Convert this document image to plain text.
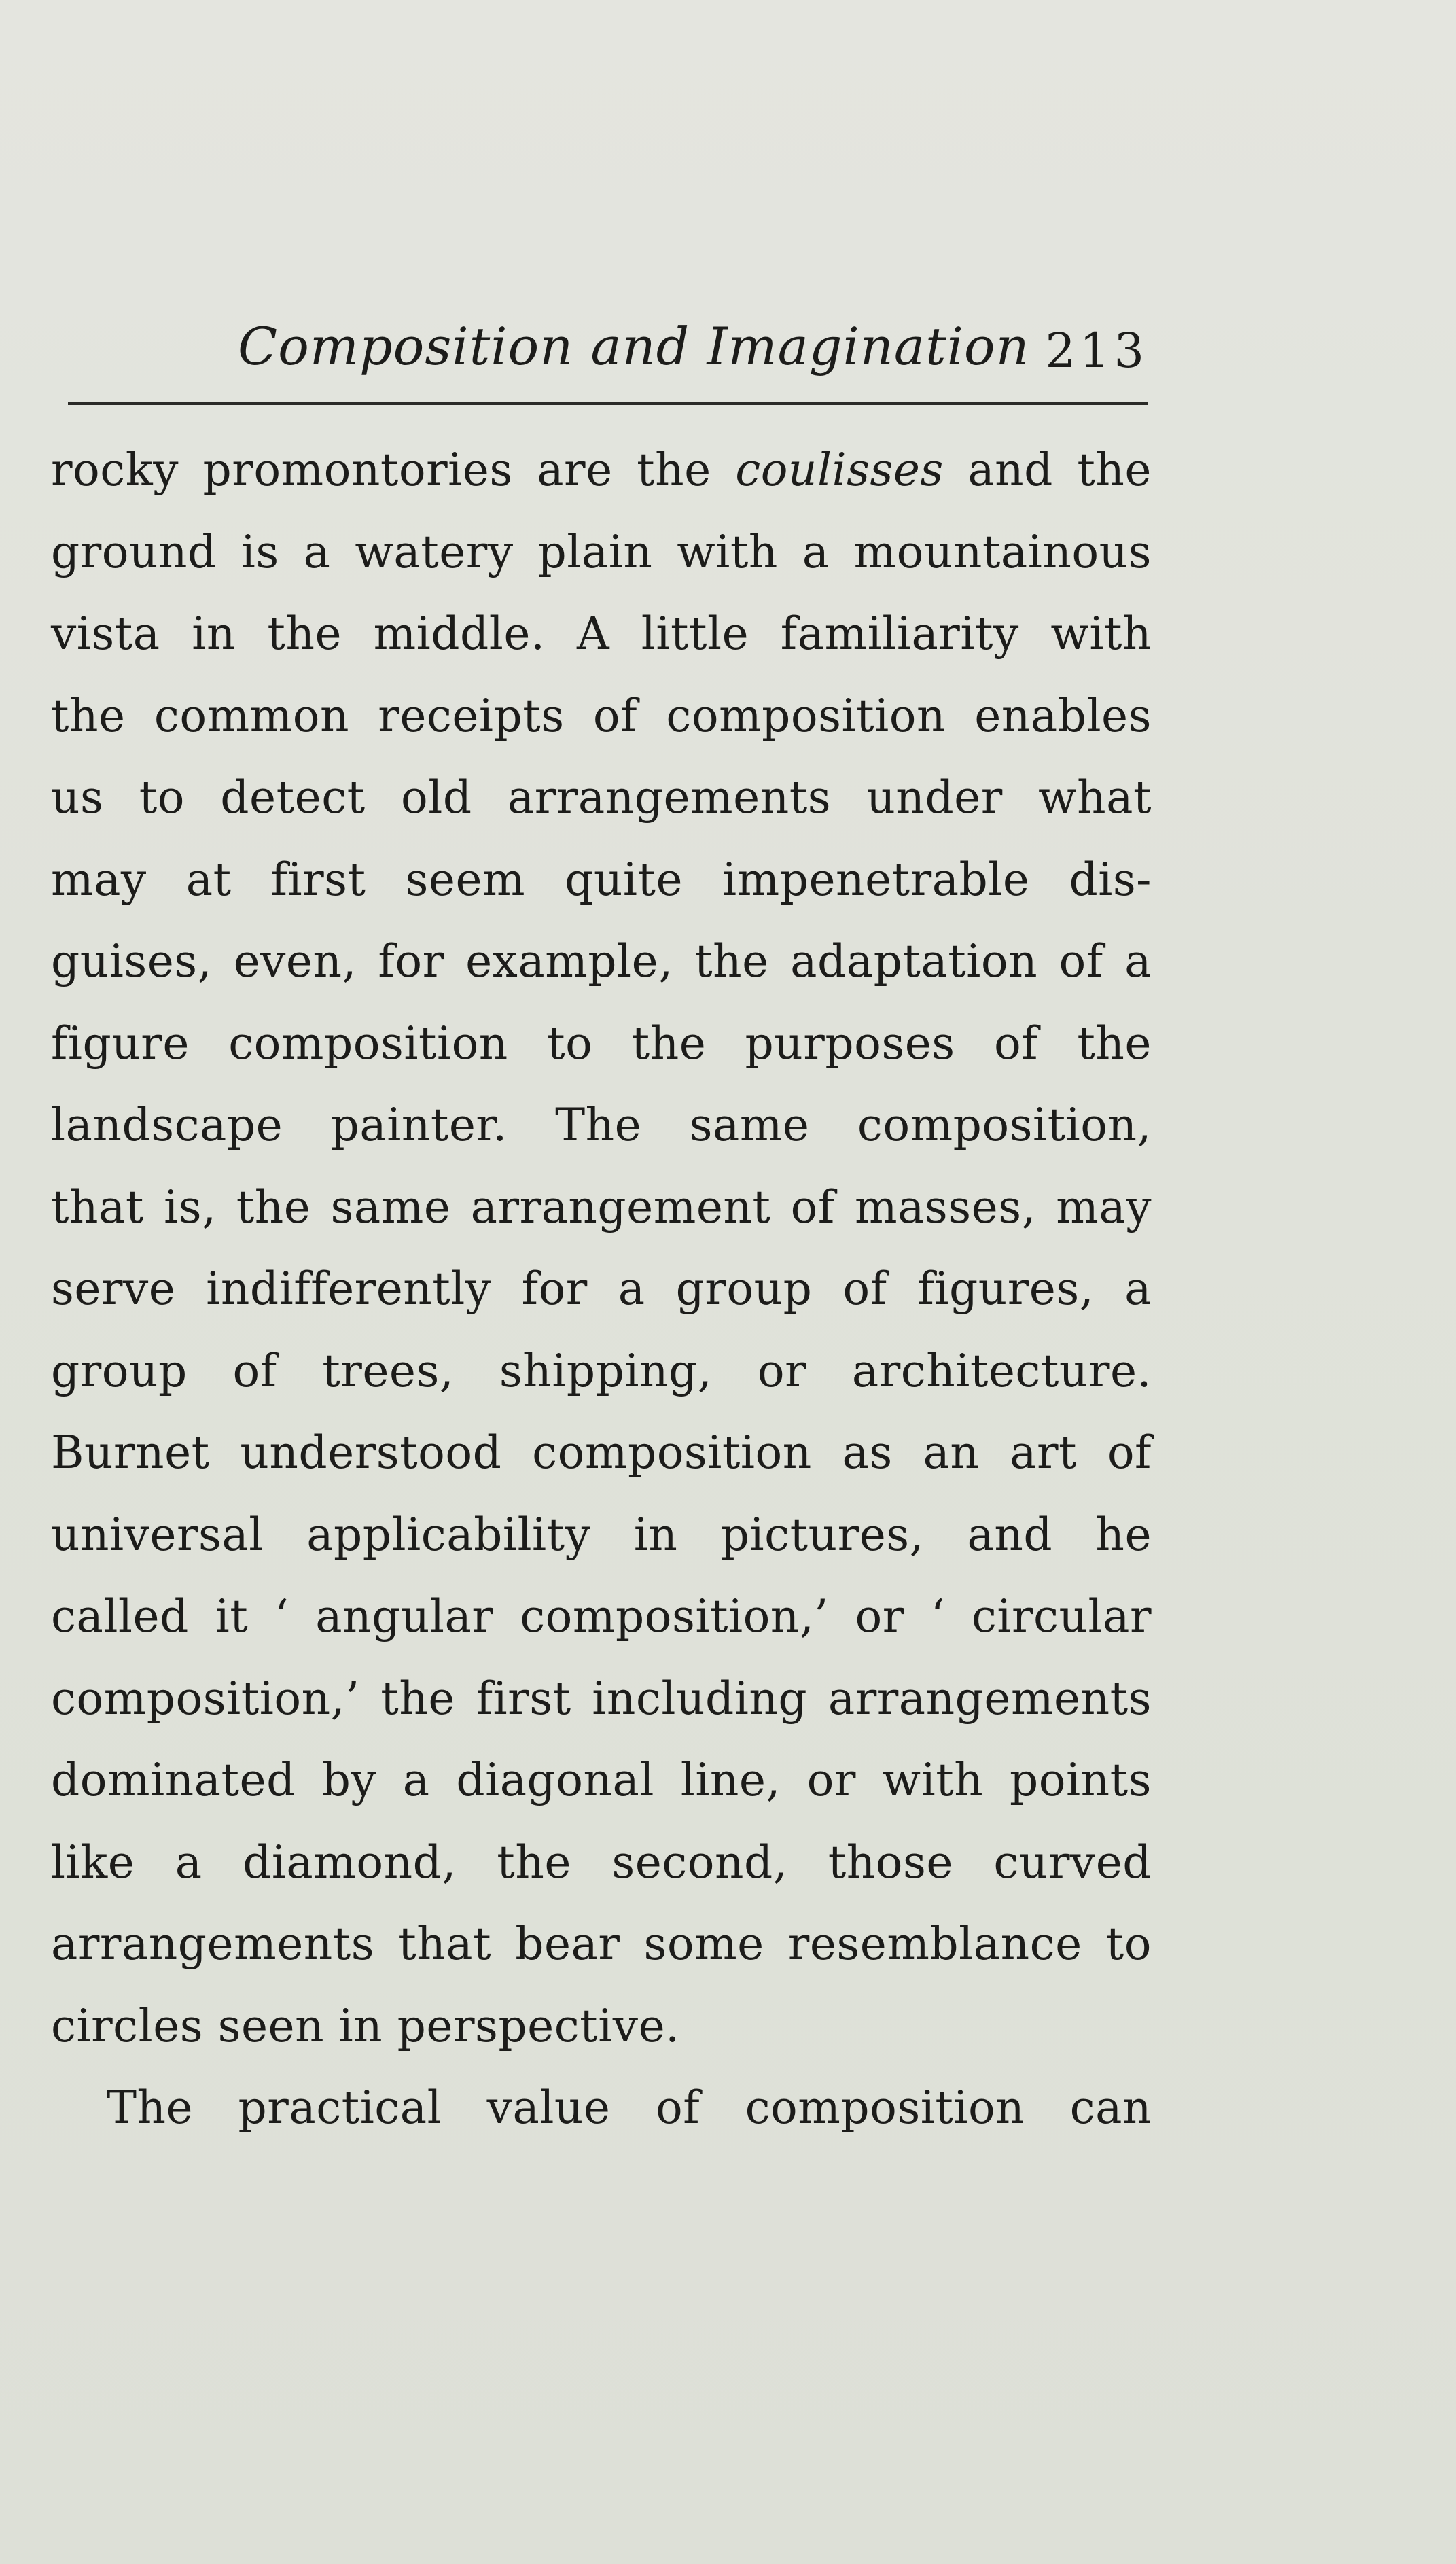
Composition and Imagination 213
rocky promontories are the coulisses and the
ground is a watery plain with a mountainous
vista in the middle. A little familiarity with
the common receipts of composition enables
us to detect old arrangements under what
may at first seem quite impenetrable dis-
guises, even, for example, the adaptation of a
figure composition to the purposes of the
landscape painter. The same composition,
that is, the same arrangement of masses, may
serve indifferently for a group of figures, a
group of trees, shipping, or architecture.
Burnet understood composition as an art of
universal applicability in pictures, and he
called it ‘ angular composition,’ or ‘ circular
composition,’ the first including arrangements
dominated by a diagonal line, or with points
like a diamond, the second, those curved
arrangements that bear some resemblance to
circles seen in perspective.
The practical value of composition can
